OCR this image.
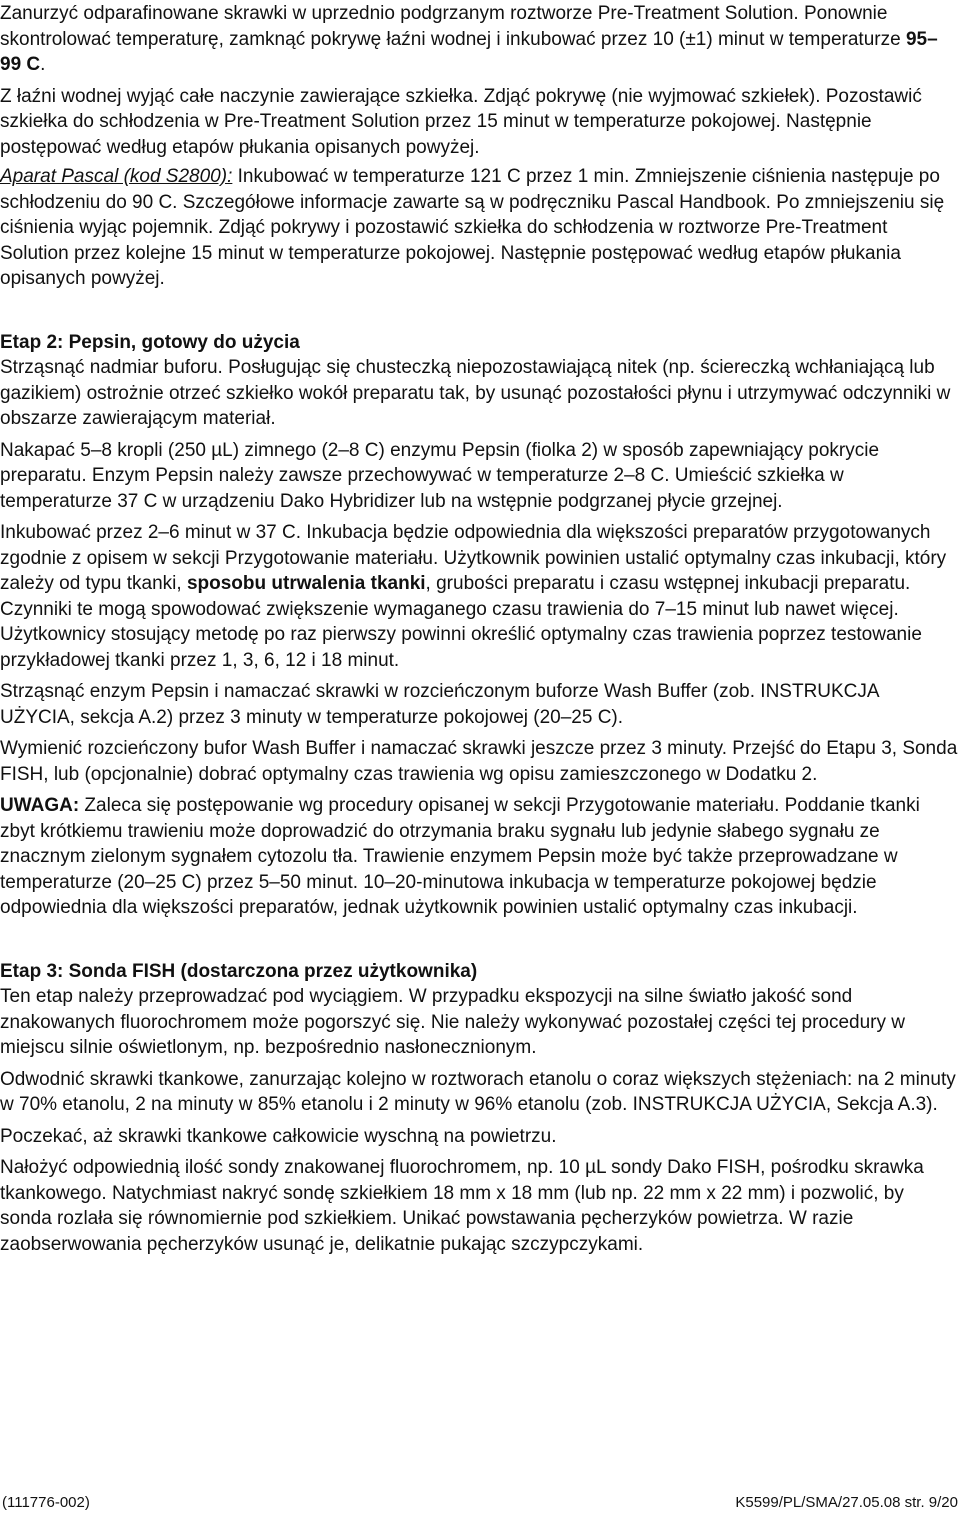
Zanurzyć odparafinowane skrawki w uprzednio podgrzanym roztworze Pre-Treatment Solution. Ponownie skontrolować temperaturę, zamknąć pokrywę łaźni wodnej i inkubować przez 10 (±1) minut w temperaturze 95–99 C.

Z łaźni wodnej wyjąć całe naczynie zawierające szkiełka. Zdjąć pokrywę (nie wyjmować szkiełek). Pozostawić szkiełka do schłodzenia w Pre-Treatment Solution przez 15 minut w temperaturze pokojowej. Następnie postępować według etapów płukania opisanych powyżej.

Aparat Pascal (kod S2800): Inkubować w temperaturze 121 C przez 1 min. Zmniejszenie ciśnienia następuje po schłodzeniu do 90 C. Szczegółowe informacje zawarte są w podręczniku Pascal Handbook. Po zmniejszeniu się ciśnienia wyjąc pojemnik. Zdjąć pokrywy i pozostawić szkiełka do schłodzenia w roztworze Pre-Treatment Solution przez kolejne 15 minut w temperaturze pokojowej. Następnie postępować według etapów płukania opisanych powyżej.

Etap 2: Pepsin, gotowy do użycia

Strząsnąć nadmiar buforu. Posługując się chusteczką niepozostawiającą nitek (np. ściereczką wchłaniającą lub gazikiem) ostrożnie otrzeć szkiełko wokół preparatu tak, by usunąć pozostałości płynu i utrzymywać odczynniki w obszarze zawierającym materiał.

Nakapać 5–8 kropli (250 µL) zimnego (2–8 C) enzymu Pepsin (fiolka 2) w sposób zapewniający pokrycie preparatu. Enzym Pepsin należy zawsze przechowywać w temperaturze 2–8 C. Umieścić szkiełka w temperaturze 37 C w urządzeniu Dako Hybridizer lub na wstępnie podgrzanej płycie grzejnej.

Inkubować przez 2–6 minut w 37 C. Inkubacja będzie odpowiednia dla większości preparatów przygotowanych zgodnie z opisem w sekcji Przygotowanie materiału. Użytkownik powinien ustalić optymalny czas inkubacji, który zależy od typu tkanki, sposobu utrwalenia tkanki, grubości preparatu i czasu wstępnej inkubacji preparatu. Czynniki te mogą spowodować zwiększenie wymaganego czasu trawienia do 7–15 minut lub nawet więcej. Użytkownicy stosujący metodę po raz pierwszy powinni określić optymalny czas trawienia poprzez testowanie przykładowej tkanki przez 1, 3, 6, 12 i 18 minut.

Strząsnąć enzym Pepsin i namaczać skrawki w rozcieńczonym buforze Wash Buffer (zob. INSTRUKCJA UŻYCIA, sekcja A.2) przez 3 minuty w temperaturze pokojowej (20–25 C).

Wymienić rozcieńczony bufor Wash Buffer i namaczać skrawki jeszcze przez 3 minuty. Przejść do Etapu 3, Sonda FISH, lub (opcjonalnie) dobrać optymalny czas trawienia wg opisu zamieszczonego w Dodatku 2.

UWAGA: Zaleca się postępowanie wg procedury opisanej w sekcji Przygotowanie materiału. Poddanie tkanki zbyt krótkiemu trawieniu może doprowadzić do otrzymania braku sygnału lub jedynie słabego sygnału ze znacznym zielonym sygnałem cytozolu tła. Trawienie enzymem Pepsin może być także przeprowadzane w temperaturze (20–25 C) przez 5–50 minut. 10–20-minutowa inkubacja w temperaturze pokojowej będzie odpowiednia dla większości preparatów, jednak użytkownik powinien ustalić optymalny czas inkubacji.

Etap 3: Sonda FISH (dostarczona przez użytkownika)

Ten etap należy przeprowadzać pod wyciągiem. W przypadku ekspozycji na silne światło jakość sond znakowanych fluorochromem może pogorszyć się. Nie należy wykonywać pozostałej części tej procedury w miejscu silnie oświetlonym, np. bezpośrednio nasłonecznionym.

Odwodnić skrawki tkankowe, zanurzając kolejno w roztworach etanolu o coraz większych stężeniach: na 2 minuty w 70% etanolu, 2 na minuty w 85% etanolu i 2 minuty w 96% etanolu (zob. INSTRUKCJA UŻYCIA, Sekcja A.3).

Poczekać, aż skrawki tkankowe całkowicie wyschną na powietrzu.

Nałożyć odpowiednią ilość sondy znakowanej fluorochromem, np. 10 µL sondy Dako FISH, pośrodku skrawka tkankowego. Natychmiast nakryć sondę szkiełkiem 18 mm x 18 mm (lub np. 22 mm x 22 mm) i pozwolić, by sonda rozlała się równomiernie pod szkiełkiem. Unikać powstawania pęcherzyków powietrza. W razie zaobserwowania pęcherzyków usunąć je, delikatnie pukając szczypczykami.

(111776-002)	K5599/PL/SMA/27.05.08 str. 9/20
